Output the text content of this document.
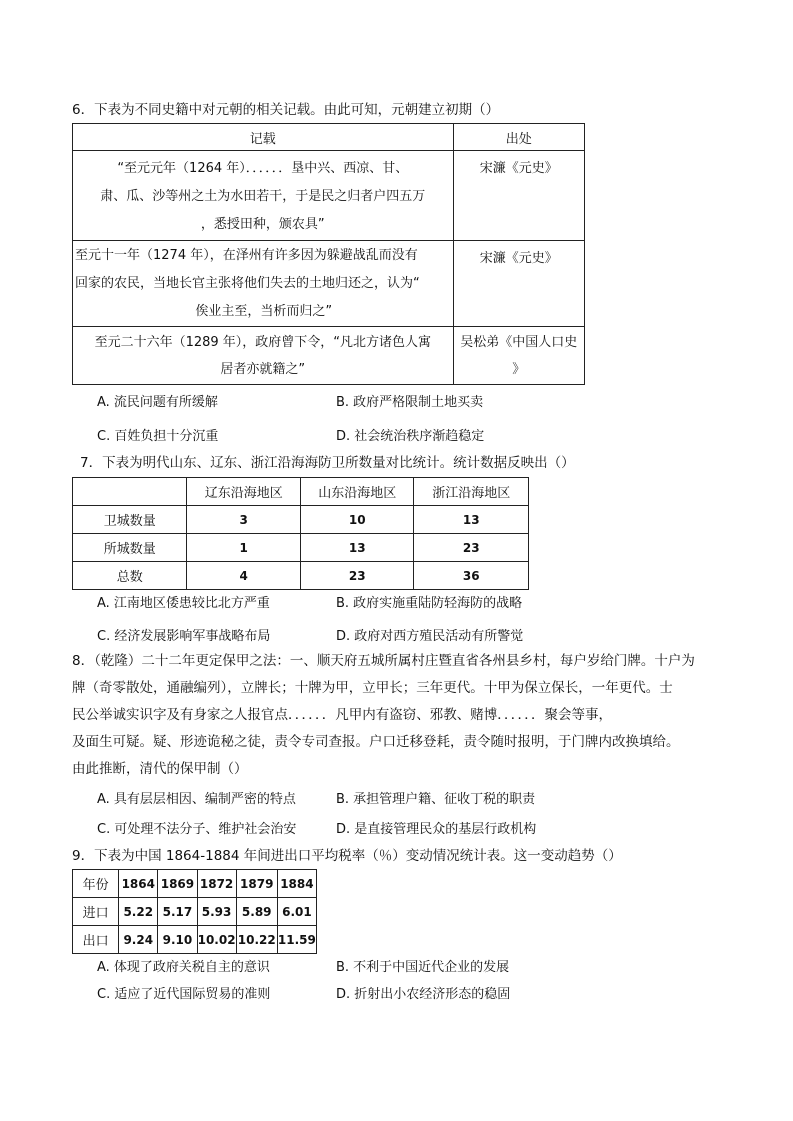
6．下表为不同史籍中对元朝的相关记载。由此可知，元朝建立初期（）
记载	出处

“至元元年（1264 年）．．．．．．垦中兴、西凉、甘、
肃、瓜、沙等州之土为水田若干，于是民之归者户四五万
，悉授田种，颁农具”	宋濂《元史》

至元十一年（1274 年），在泽州有许多因为躲避战乱而没有
回家的农民，当地长官主张将他们失去的土地归还之，认为“
俟业主至，当析而归之”	宋濂《元史》

至元二十六年（1289 年），政府曾下令，“凡北方诸色人寓
居者亦就籍之”	吴松弟《中国人口史
》
A. 流民问题有所缓解	B. 政府严格限制土地买卖
C. 百姓负担十分沉重	D. 社会统治秩序渐趋稳定
7．下表为明代山东、辽东、浙江沿海海防卫所数量对比统计。统计数据反映出（）
	辽东沿海地区	山东沿海地区	浙江沿海地区
卫城数量	3	10	13
所城数量	1	13	23
总数	4	23	36
A. 江南地区倭患较比北方严重	B. 政府实施重陆防轻海防的战略
C. 经济发展影响军事战略布局	D. 政府对西方殖民活动有所警觉
8．（乾隆）二十二年更定保甲之法：一、顺天府五城所属村庄暨直省各州县乡村，每户岁给门牌。十户为
牌（奇零散处，通融编列），立牌长；十牌为甲，立甲长；三年更代。十甲为保立保长，一年更代。士
民公举诚实识字及有身家之人报官点．．．．．．凡甲内有盗窃、邪教、赌博．．．．．．聚会等事，
及面生可疑。疑、形迹诡秘之徒，责令专司查报。户口迁移登耗，责令随时报明，于门牌内改换填给。
由此推断，清代的保甲制（）
A. 具有层层相因、编制严密的特点	B. 承担管理户籍、征收丁税的职责
C. 可处理不法分子、维护社会治安	D. 是直接管理民众的基层行政机构
9．下表为中国 1864-1884 年间进出口平均税率（％）变动情况统计表。这一变动趋势（）
年份	1864	1869	1872	1879	1884
进口	5.22	5.17	5.93	5.89	6.01
出口	9.24	9.10	10.02	10.22	11.59
A. 体现了政府关税自主的意识	B. 不利于中国近代企业的发展
C. 适应了近代国际贸易的准则	D. 折射出小农经济形态的稳固
